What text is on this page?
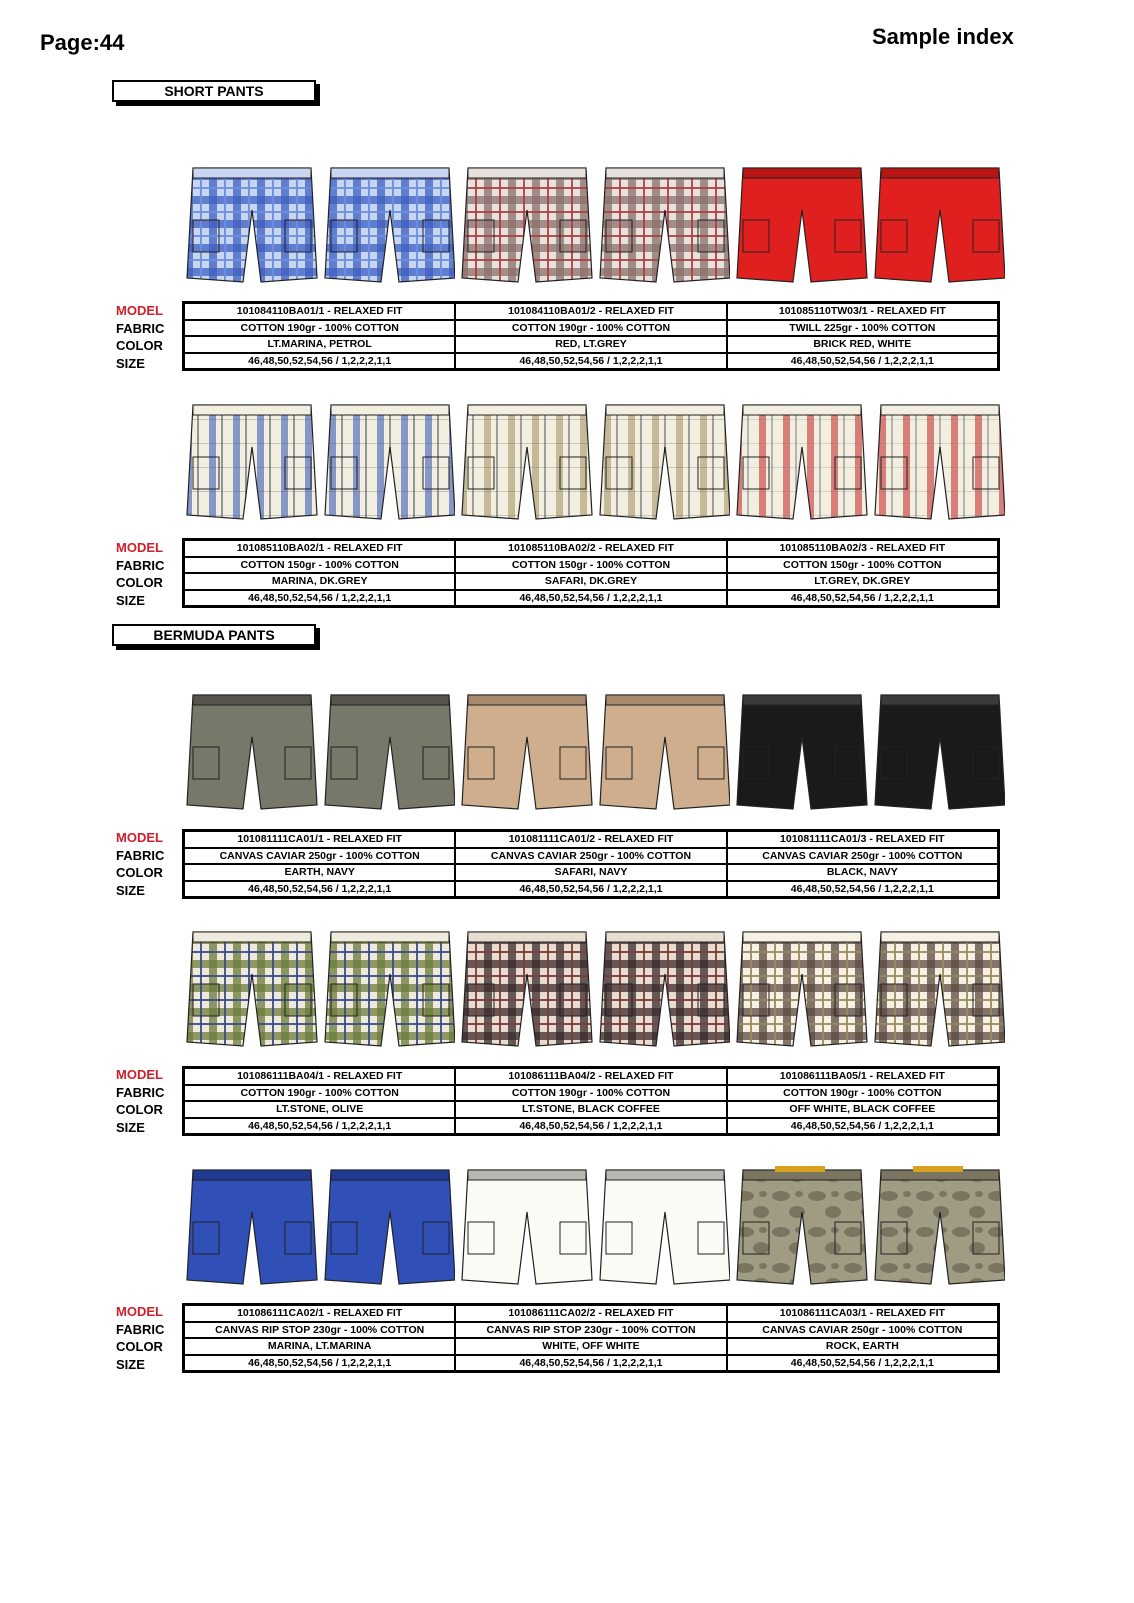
Page:44	Sample index
SHORT PANTS
BERMUDA PANTS
MODEL
FABRIC
COLOR
SIZE
101084110BA01/1 - RELAXED FIT
COTTON 190gr - 100% COTTON
LT.MARINA, PETROL
46,48,50,52,54,56 / 1,2,2,2,1,1
101084110BA01/2 - RELAXED FIT
COTTON 190gr - 100% COTTON
RED, LT.GREY
46,48,50,52,54,56 / 1,2,2,2,1,1
101085110TW03/1 - RELAXED FIT
TWILL 225gr - 100% COTTON
BRICK RED, WHITE
46,48,50,52,54,56 / 1,2,2,2,1,1
MODEL
FABRIC
COLOR
SIZE
101085110BA02/1 - RELAXED FIT
COTTON 150gr - 100% COTTON
MARINA, DK.GREY
46,48,50,52,54,56 / 1,2,2,2,1,1
101085110BA02/2 - RELAXED FIT
COTTON 150gr - 100% COTTON
SAFARI, DK.GREY
46,48,50,52,54,56 / 1,2,2,2,1,1
101085110BA02/3 - RELAXED FIT
COTTON 150gr - 100% COTTON
LT.GREY, DK.GREY
46,48,50,52,54,56 / 1,2,2,2,1,1
MODEL
FABRIC
COLOR
SIZE
101081111CA01/1 - RELAXED FIT
CANVAS CAVIAR 250gr - 100% COTTON
EARTH, NAVY
46,48,50,52,54,56 / 1,2,2,2,1,1
101081111CA01/2 - RELAXED FIT
CANVAS CAVIAR 250gr - 100% COTTON
SAFARI, NAVY
46,48,50,52,54,56 / 1,2,2,2,1,1
101081111CA01/3 - RELAXED FIT
CANVAS CAVIAR 250gr - 100% COTTON
BLACK, NAVY
46,48,50,52,54,56 / 1,2,2,2,1,1
MODEL
FABRIC
COLOR
SIZE
101086111BA04/1 - RELAXED FIT
COTTON 190gr - 100% COTTON
LT.STONE, OLIVE
46,48,50,52,54,56 / 1,2,2,2,1,1
101086111BA04/2 - RELAXED FIT
COTTON 190gr - 100% COTTON
LT.STONE, BLACK COFFEE
46,48,50,52,54,56 / 1,2,2,2,1,1
101086111BA05/1 - RELAXED FIT
COTTON 190gr - 100% COTTON
OFF WHITE, BLACK COFFEE
46,48,50,52,54,56 / 1,2,2,2,1,1
MODEL
FABRIC
COLOR
SIZE
101086111CA02/1 - RELAXED FIT
CANVAS RIP STOP 230gr - 100% COTTON
MARINA, LT.MARINA
46,48,50,52,54,56 / 1,2,2,2,1,1
101086111CA02/2 - RELAXED FIT
CANVAS RIP STOP 230gr - 100% COTTON
WHITE, OFF WHITE
46,48,50,52,54,56 / 1,2,2,2,1,1
101086111CA03/1 - RELAXED FIT
CANVAS CAVIAR 250gr - 100% COTTON
ROCK, EARTH
46,48,50,52,54,56 / 1,2,2,2,1,1
